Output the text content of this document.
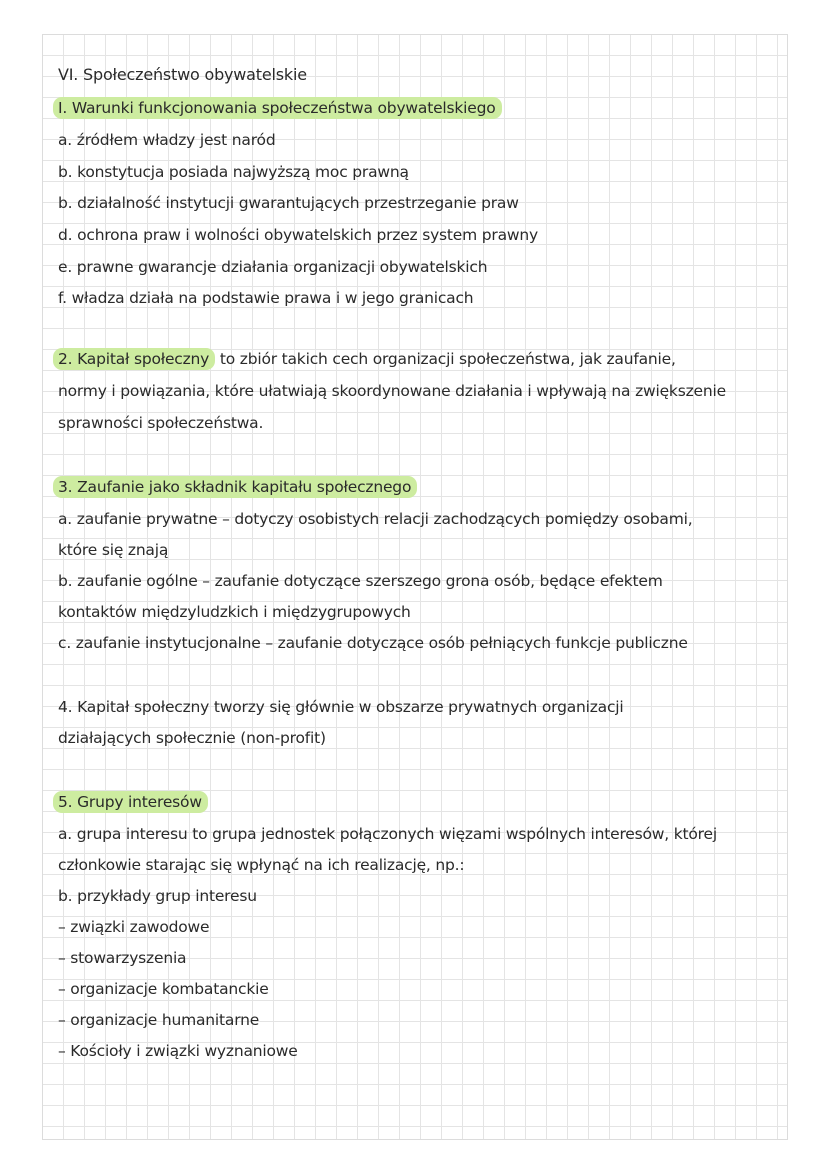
VI. Społeczeństwo obywatelskie
I. Warunki funkcjonowania społeczeństwa obywatelskiego
a. źródłem władzy jest naród
b. konstytucja posiada najwyższą moc prawną
b. działalność instytucji gwarantujących przestrzeganie praw
d. ochrona praw i wolności obywatelskich przez system prawny
e. prawne gwarancje działania organizacji obywatelskich
f. władza działa na podstawie prawa i w jego granicach
2. Kapitał społeczny to zbiór takich cech organizacji społeczeństwa, jak zaufanie,
normy i powiązania, które ułatwiają skoordynowane działania i wpływają na zwiększenie
sprawności społeczeństwa.
3. Zaufanie jako składnik kapitału społecznego
a. zaufanie prywatne – dotyczy osobistych relacji zachodzących pomiędzy osobami,
które się znają
b. zaufanie ogólne – zaufanie dotyczące szerszego grona osób, będące efektem
kontaktów międzyludzkich i międzygrupowych
c. zaufanie instytucjonalne – zaufanie dotyczące osób pełniących funkcje publiczne
4. Kapitał społeczny tworzy się głównie w obszarze prywatnych organizacji
działających społecznie (non-profit)
5. Grupy interesów
a. grupa interesu to grupa jednostek połączonych więzami wspólnych interesów, której
członkowie starając się wpłynąć na ich realizację, np.:
b. przykłady grup interesu
– związki zawodowe
– stowarzyszenia
– organizacje kombatanckie
– organizacje humanitarne
– Kościoły i związki wyznaniowe
